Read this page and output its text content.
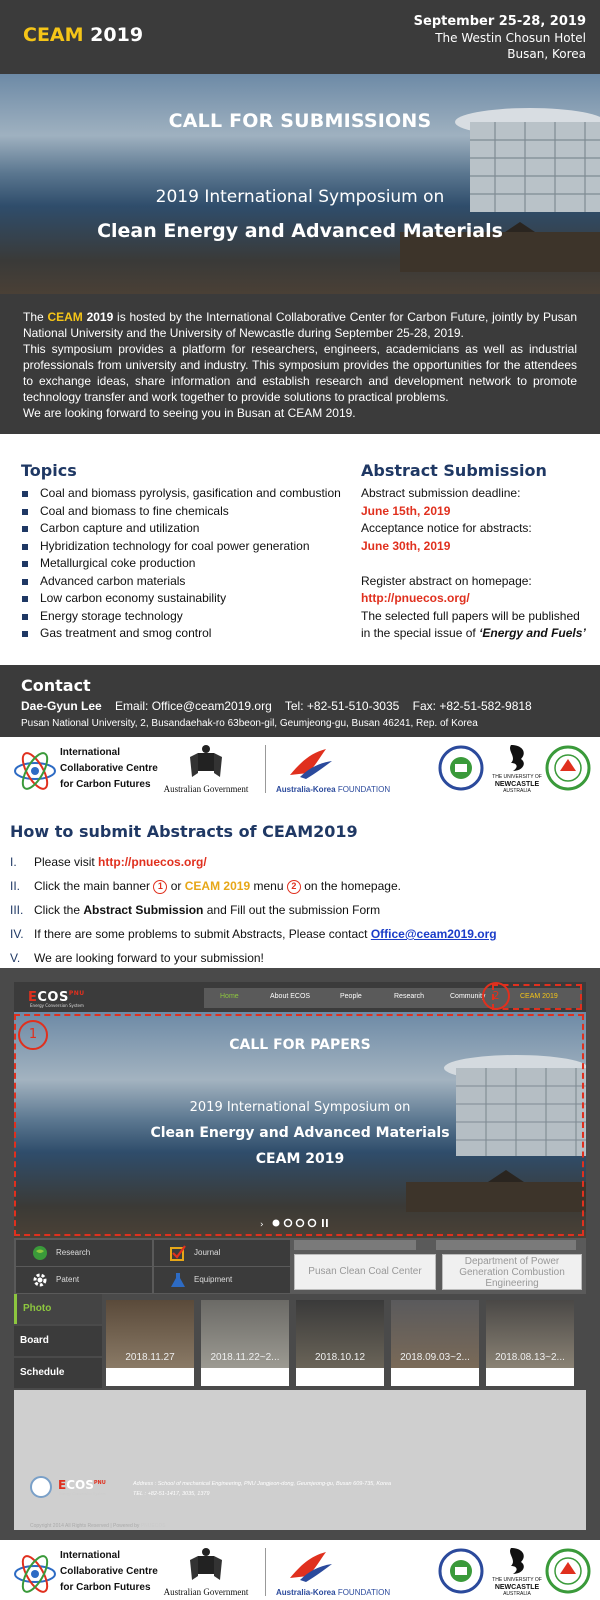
CEAM 2019
September 25-28, 2019
The Westin Chosun Hotel
Busan, Korea
CALL FOR SUBMISSIONS
2019 International Symposium on
Clean Energy and Advanced Materials

The CEAM 2019 is hosted by the International Collaborative Center for Carbon Future, jointly by Pusan National University and the University of Newcastle during September 25-28, 2019.

This symposium provides a platform for researchers, engineers, academicians as well as industrial professionals from university and industry. This symposium provides the opportunities for the attendees to exchange ideas, share information and establish research and development network to promote technology transfer and work together to provide solutions to practical problems.

We are looking forward to seeing you in Busan at CEAM 2019.

Topics
Coal and biomass pyrolysis, gasification and combustion
Coal and biomass to fine chemicals
Carbon capture and utilization
Hybridization technology for coal power generation
Metallurgical coke production
Advanced carbon materials
Low carbon economy sustainability
Energy storage technology
Gas treatment and smog control
Abstract Submission
Abstract submission deadline:
June 15th, 2019
Acceptance notice for abstracts:
June 30th, 2019
Register abstract on homepage:
http://pnuecos.org/
The selected full papers will be published
in the special issue of ‘Energy and Fuels’
Contact
Dae-Gyun Lee Email: Office@ceam2019.org Tel: +82-51-510-3035 Fax: +82-51-582-9818
Pusan National University, 2, Busandaehak-ro 63beon-gil, Geumjeong-gu, Busan 46241, Rep. of Korea
International
Collaborative Centre
for Carbon Futures	Australian Government	Australia-Korea FOUNDATION
THE UNIVERSITY OF
NEWCASTLE
AUSTRALIA
How to submit Abstracts of CEAM2019
I. Please visit http://pnuecos.org/
II. Click the main banner 1 or CEAM 2019 menu 2 on the homepage.
III. Click the Abstract Submission and Fill out the submission Form
IV. If there are some problems to submit Abstracts, Please contact Office@ceam2019.org
V. We are looking forward to your submission!
$ECOS^{PNU}$
Energy Conversion System
Home	About ECOS	People	Research	Community	CEAM 2019
CALL FOR PAPERS
2019 International Symposium on
Clean Energy and Advanced Materials
CEAM 2019
›
1
2
Research	Journal
Patent	Equipment
Pusan Clean Coal Center
Department of Power Generation Combustion Engineering
Photo
Board
Schedule
2018.11.27	2018.11.22~2...	2018.10.12	2018.09.03~2...	2018.08.13~2...
$ECOS^{PNU}$
Energy Conversion System
Address : School of mechanical Engineering, PNU Jangjeon-dong, Geumjeong-gu, Busan 609-735, Korea
TEL : +82-51-1417, 3035, 1379
Copyright 2014 All Rights Reserved | Powered by PNUECOS
International
Collaborative Centre
for Carbon Futures	Australian Government	Australia-Korea FOUNDATION
THE UNIVERSITY OF
NEWCASTLE
AUSTRALIA
